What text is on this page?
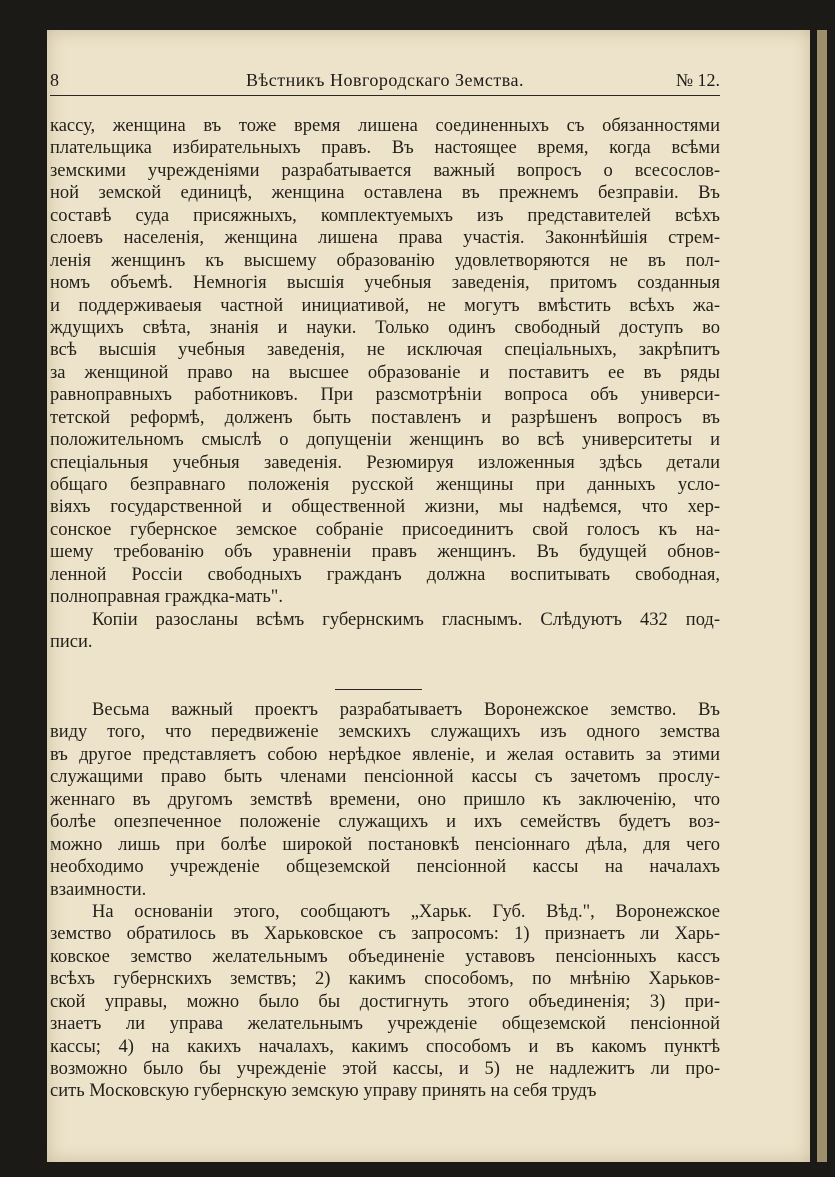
8	Вѣстникъ Новгородскаго Земства.	№ 12.
кассу, женщина въ тоже время лишена соединенныхъ съ обязанностями
плательщика избирательныхъ правъ. Въ настоящее время, когда всѣми
земскими учрежденіями разрабатывается важный вопросъ о всесослов-
ной земской единицѣ, женщина оставлена въ прежнемъ безправіи. Въ
составѣ суда присяжныхъ, комплектуемыхъ изъ представителей всѣхъ
слоевъ населенія, женщина лишена права участія. Законнѣйшія стрем-
ленія женщинъ къ высшему образованію удовлетворяются не въ пол-
номъ объемѣ. Немногія высшія учебныя заведенія, притомъ созданныя
и поддерживаеыя частной инициативой, не могутъ вмѣстить всѣхъ жа-
ждущихъ свѣта, знанія и науки. Только одинъ свободный доступъ во
всѣ высшія учебныя заведенія, не исключая спеціальныхъ, закрѣпитъ
за женщиной право на высшее образованіе и поставитъ ее въ ряды
равноправныхъ работниковъ. При разсмотрѣніи вопроса объ универси-
тетской реформѣ, долженъ быть поставленъ и разрѣшенъ вопросъ въ
положительномъ смыслѣ о допущеніи женщинъ во всѣ университеты и
спеціальныя учебныя заведенія. Резюмируя изложенныя здѣсь детали
общаго безправнаго положенія русской женщины при данныхъ усло-
віяхъ государственной и общественной жизни, мы надѣемся, что хер-
сонское губернское земское собраніе присоединитъ свой голосъ къ на-
шему требованію объ уравненіи правъ женщинъ. Въ будущей обнов-
ленной Россіи свободныхъ гражданъ должна воспитывать свободная,
полноправная граждка-мать".
Копіи разосланы всѣмъ губернскимъ гласнымъ. Слѣдуютъ 432 под-
писи.
Весьма важный проектъ разрабатываетъ Воронежское земство. Въ
виду того, что передвиженіе земскихъ служащихъ изъ одного земства
въ другое представляетъ собою нерѣдкое явленіе, и желая оставить за этими
служащими право быть членами пенсіонной кассы съ зачетомъ прослу-
женнаго въ другомъ земствѣ времени, оно пришло къ заключенію, что
болѣе опезпеченное положеніе служащихъ и ихъ семействъ будетъ воз-
можно лишь при болѣе широкой постановкѣ пенсіоннаго дѣла, для чего
необходимо учрежденіе общеземской пенсіонной кассы на началахъ
взаимности.
На основаніи этого, сообщаютъ „Харьк. Губ. Вѣд.", Воронежское
земство обратилось въ Харьковское съ запросомъ: 1) признаетъ ли Харь-
ковское земство желательнымъ объединеніе уставовъ пенсіонныхъ кассъ
всѣхъ губернскихъ земствъ; 2) какимъ способомъ, по мнѣнію Харьков-
ской управы, можно было бы достигнуть этого объединенія; 3) при-
знаетъ ли управа желательнымъ учрежденіе общеземской пенсіонной
кассы; 4) на какихъ началахъ, какимъ способомъ и въ какомъ пунктѣ
возможно было бы учрежденіе этой кассы, и 5) не надлежитъ ли про-
сить Московскую губернскую земскую управу принять на себя трудъ
